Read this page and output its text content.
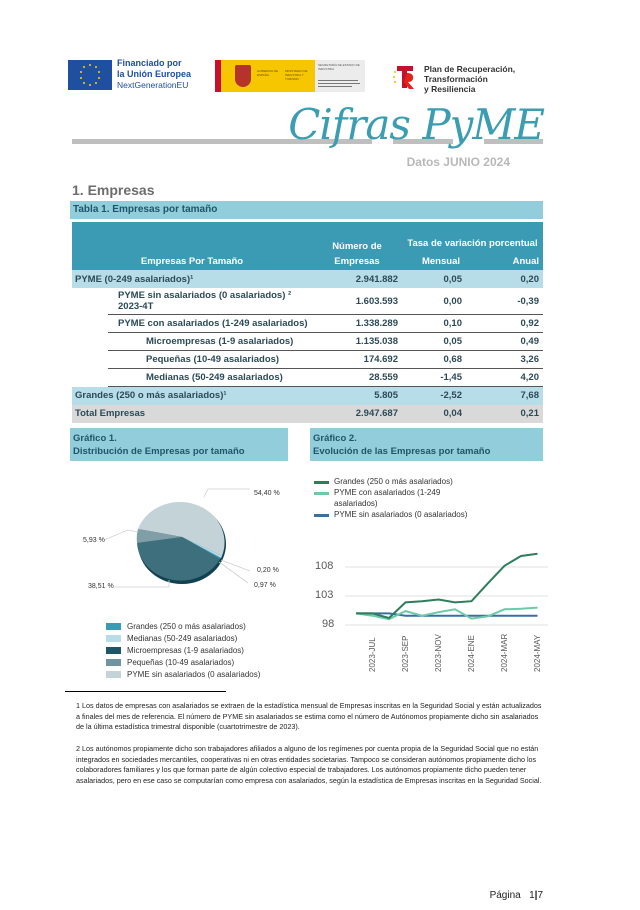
Financiado por
la Unión Europea
NextGenerationEU
GOBIERNO DE ESPAÑA
MINISTERIO DE INDUSTRIA Y TURISMO
SECRETARÍA DE ESTADO DE INDUSTRIA	Plan de Recuperación,
Transformación
y Resiliencia
Cifras PyME
Datos JUNIO 2024
1. Empresas
Tabla 1. Empresas por tamaño
		Número de	Tasa de variación porcentual	
Empresas Por Tamaño		Empresas	Mensual	Anual
PYME (0-249 asalariados)¹		2.941.882	0,05	0,20
	PYME sin asalariados (0 asalariados) ² 2023-4T	1.603.593	0,00	-0,39
	PYME con asalariados (1-249 asalariados)	1.338.289	0,10	0,92
	Microempresas (1-9 asalariados)	1.135.038	0,05	0,49
	Pequeñas (10-49 asalariados)	174.692	0,68	3,26
	Medianas (50-249 asalariados)	28.559	-1,45	4,20
Grandes (250 o más asalariados)¹		5.805	-2,52	7,68
Total Empresas		2.947.687	0,04	0,21
Gráfico 1.
Distribución de Empresas por tamaño
Gráfico 2.
Evolución de las Empresas por tamaño
54,40 %
5,93 %
38,51 %
0,20 %
0,97 %
Grandes (250 o más asalariados)
Medianas (50-249 asalariados)
Microempresas (1-9 asalariados)
Pequeñas (10-49 asalariados)
PYME sin asalariados (0 asalariados)
Grandes (250 o más asalariados)
PYME con asalariados (1-249 asalariados)
PYME sin asalariados (0 asalariados)
108
103
98
2023-JUL	2023-SEP	2023-NOV	2024-ENE	2024-MAR	2024-MAY
1 Los datos de empresas con asalariados se extraen de la estadística mensual de Empresas inscritas en la Seguridad Social y están actualizados a finales del mes de referencia. El número de PYME sin asalariados se estima como el número de Autónomos propiamente dicho sin asalariados de la última estadística trimestral disponible (cuartotrimestre de 2023).
2 Los autónomos propiamente dicho son trabajadores afiliados a alguno de los regímenes por cuenta propia de la Seguridad Social que no están integrados en sociedades mercantiles, cooperativas ni en otras entidades societarias. Tampoco se consideran autónomos propiamente dicho los colaboradores familiares y los que forman parte de algún colectivo especial de trabajadores. Los autónomos propiamente dicho pueden tener asalariados, pero en ese caso se computarían como empresa con asalariados, según la estadística de Empresas inscritas en la Seguridad Social.
Página 1|7
